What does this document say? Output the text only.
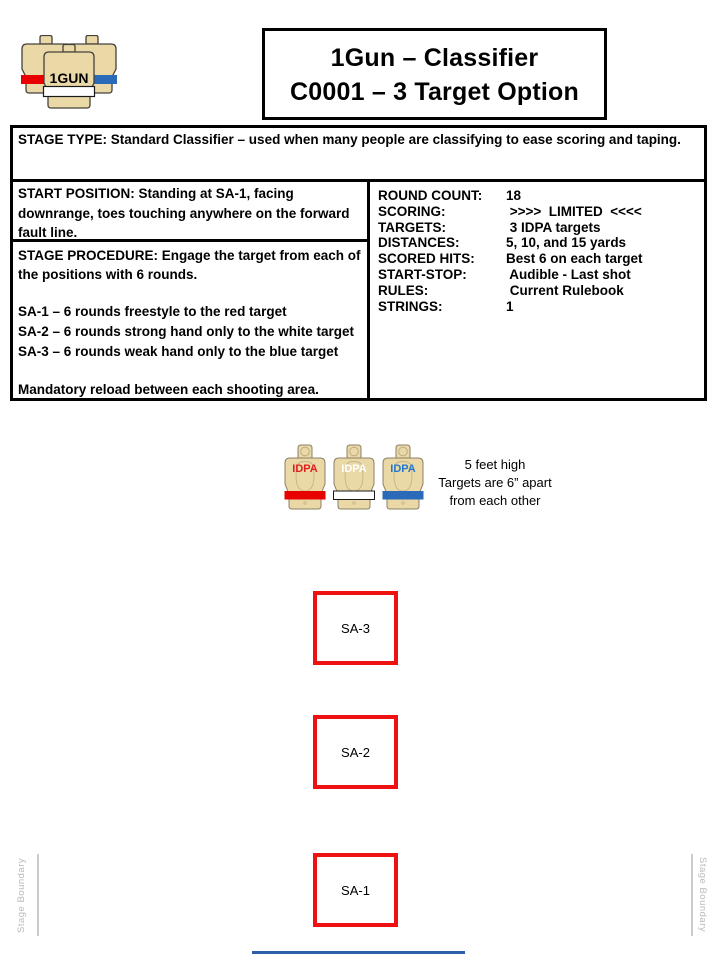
1GUN
1Gun – Classifier
C0001 – 3 Target Option
STAGE TYPE: Standard Classifier – used when many people are classifying to ease scoring and taping.
START POSITION: Standing at SA-1, facing downrange, toes touching anywhere on the forward fault line.
STAGE PROCEDURE: Engage the target from each of the positions with 6 rounds.
SA-1 – 6 rounds freestyle to the red target
SA-2 – 6 rounds strong hand only to the white target
SA-3 – 6 rounds weak hand only to the blue target
Mandatory reload between each shooting area.
ROUND COUNT:	18
SCORING:	>>>>  LIMITED  <<<<
TARGETS:	3 IDPA targets
DISTANCES:	5, 10, and 15 yards
SCORED HITS:	Best 6 on each target
START-STOP:	Audible - Last shot
RULES:	Current Rulebook
STRINGS:	1
IDPA IDPA IDPA	5 feet high
Targets are 6” apart
from each other
SA-3
SA-2
SA-1
Stage Boundary	Stage Boundary
